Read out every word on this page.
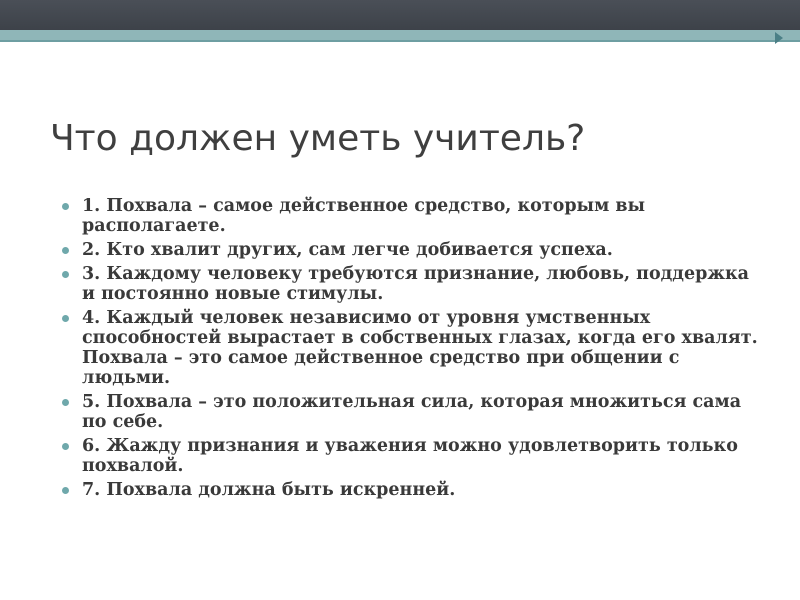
Что должен уметь учитель?
1. Похвала – самое действенное средство, которым вы располагаете.
2. Кто хвалит других, сам легче добивается успеха.
3. Каждому человеку требуются признание, любовь, поддержка и постоянно новые стимулы.
4. Каждый человек независимо от уровня умственных способностей вырастает в собственных глазах, когда его хвалят. Похвала – это самое действенное средство при общении с людьми.
5. Похвала – это положительная сила, которая множиться сама по себе.
6. Жажду признания и уважения можно удовлетворить только похвалой.
7. Похвала должна быть искренней.
